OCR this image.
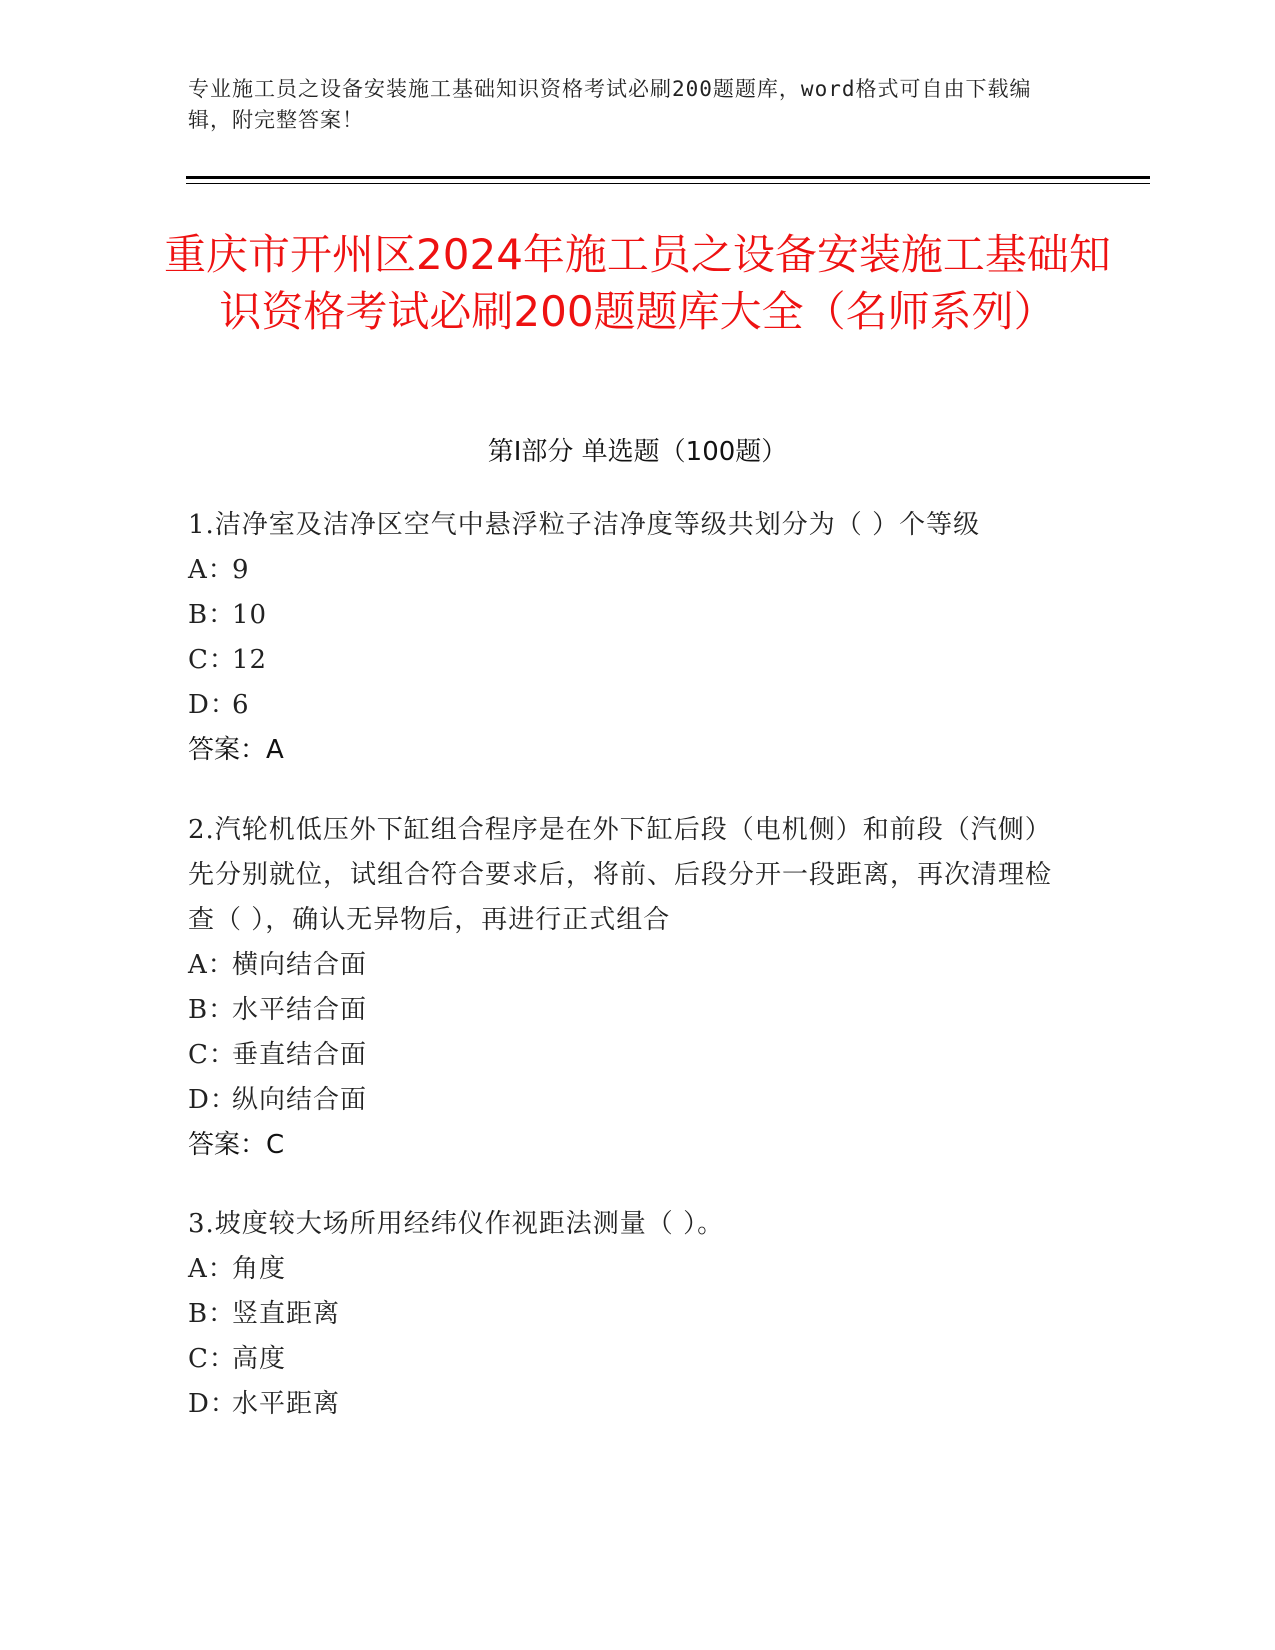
专业施工员之设备安装施工基础知识资格考试必刷200题题库，word格式可自由下载编辑，附完整答案！
重庆市开州区2024年施工员之设备安装施工基础知识资格考试必刷200题题库大全（名师系列）
第Ⅰ部分 单选题（100题）
1.洁净室及洁净区空气中悬浮粒子洁净度等级共划分为（ ）个等级
A：9
B：10
C：12
D：6
答案：A
2.汽轮机低压外下缸组合程序是在外下缸后段（电机侧）和前段（汽侧）先分别就位，试组合符合要求后，将前、后段分开一段距离，再次清理检查（ ），确认无异物后，再进行正式组合
A：横向结合面
B：水平结合面
C：垂直结合面
D：纵向结合面
答案：C
3.坡度较大场所用经纬仪作视距法测量（ ）。
A：角度
B：竖直距离
C：高度
D：水平距离
